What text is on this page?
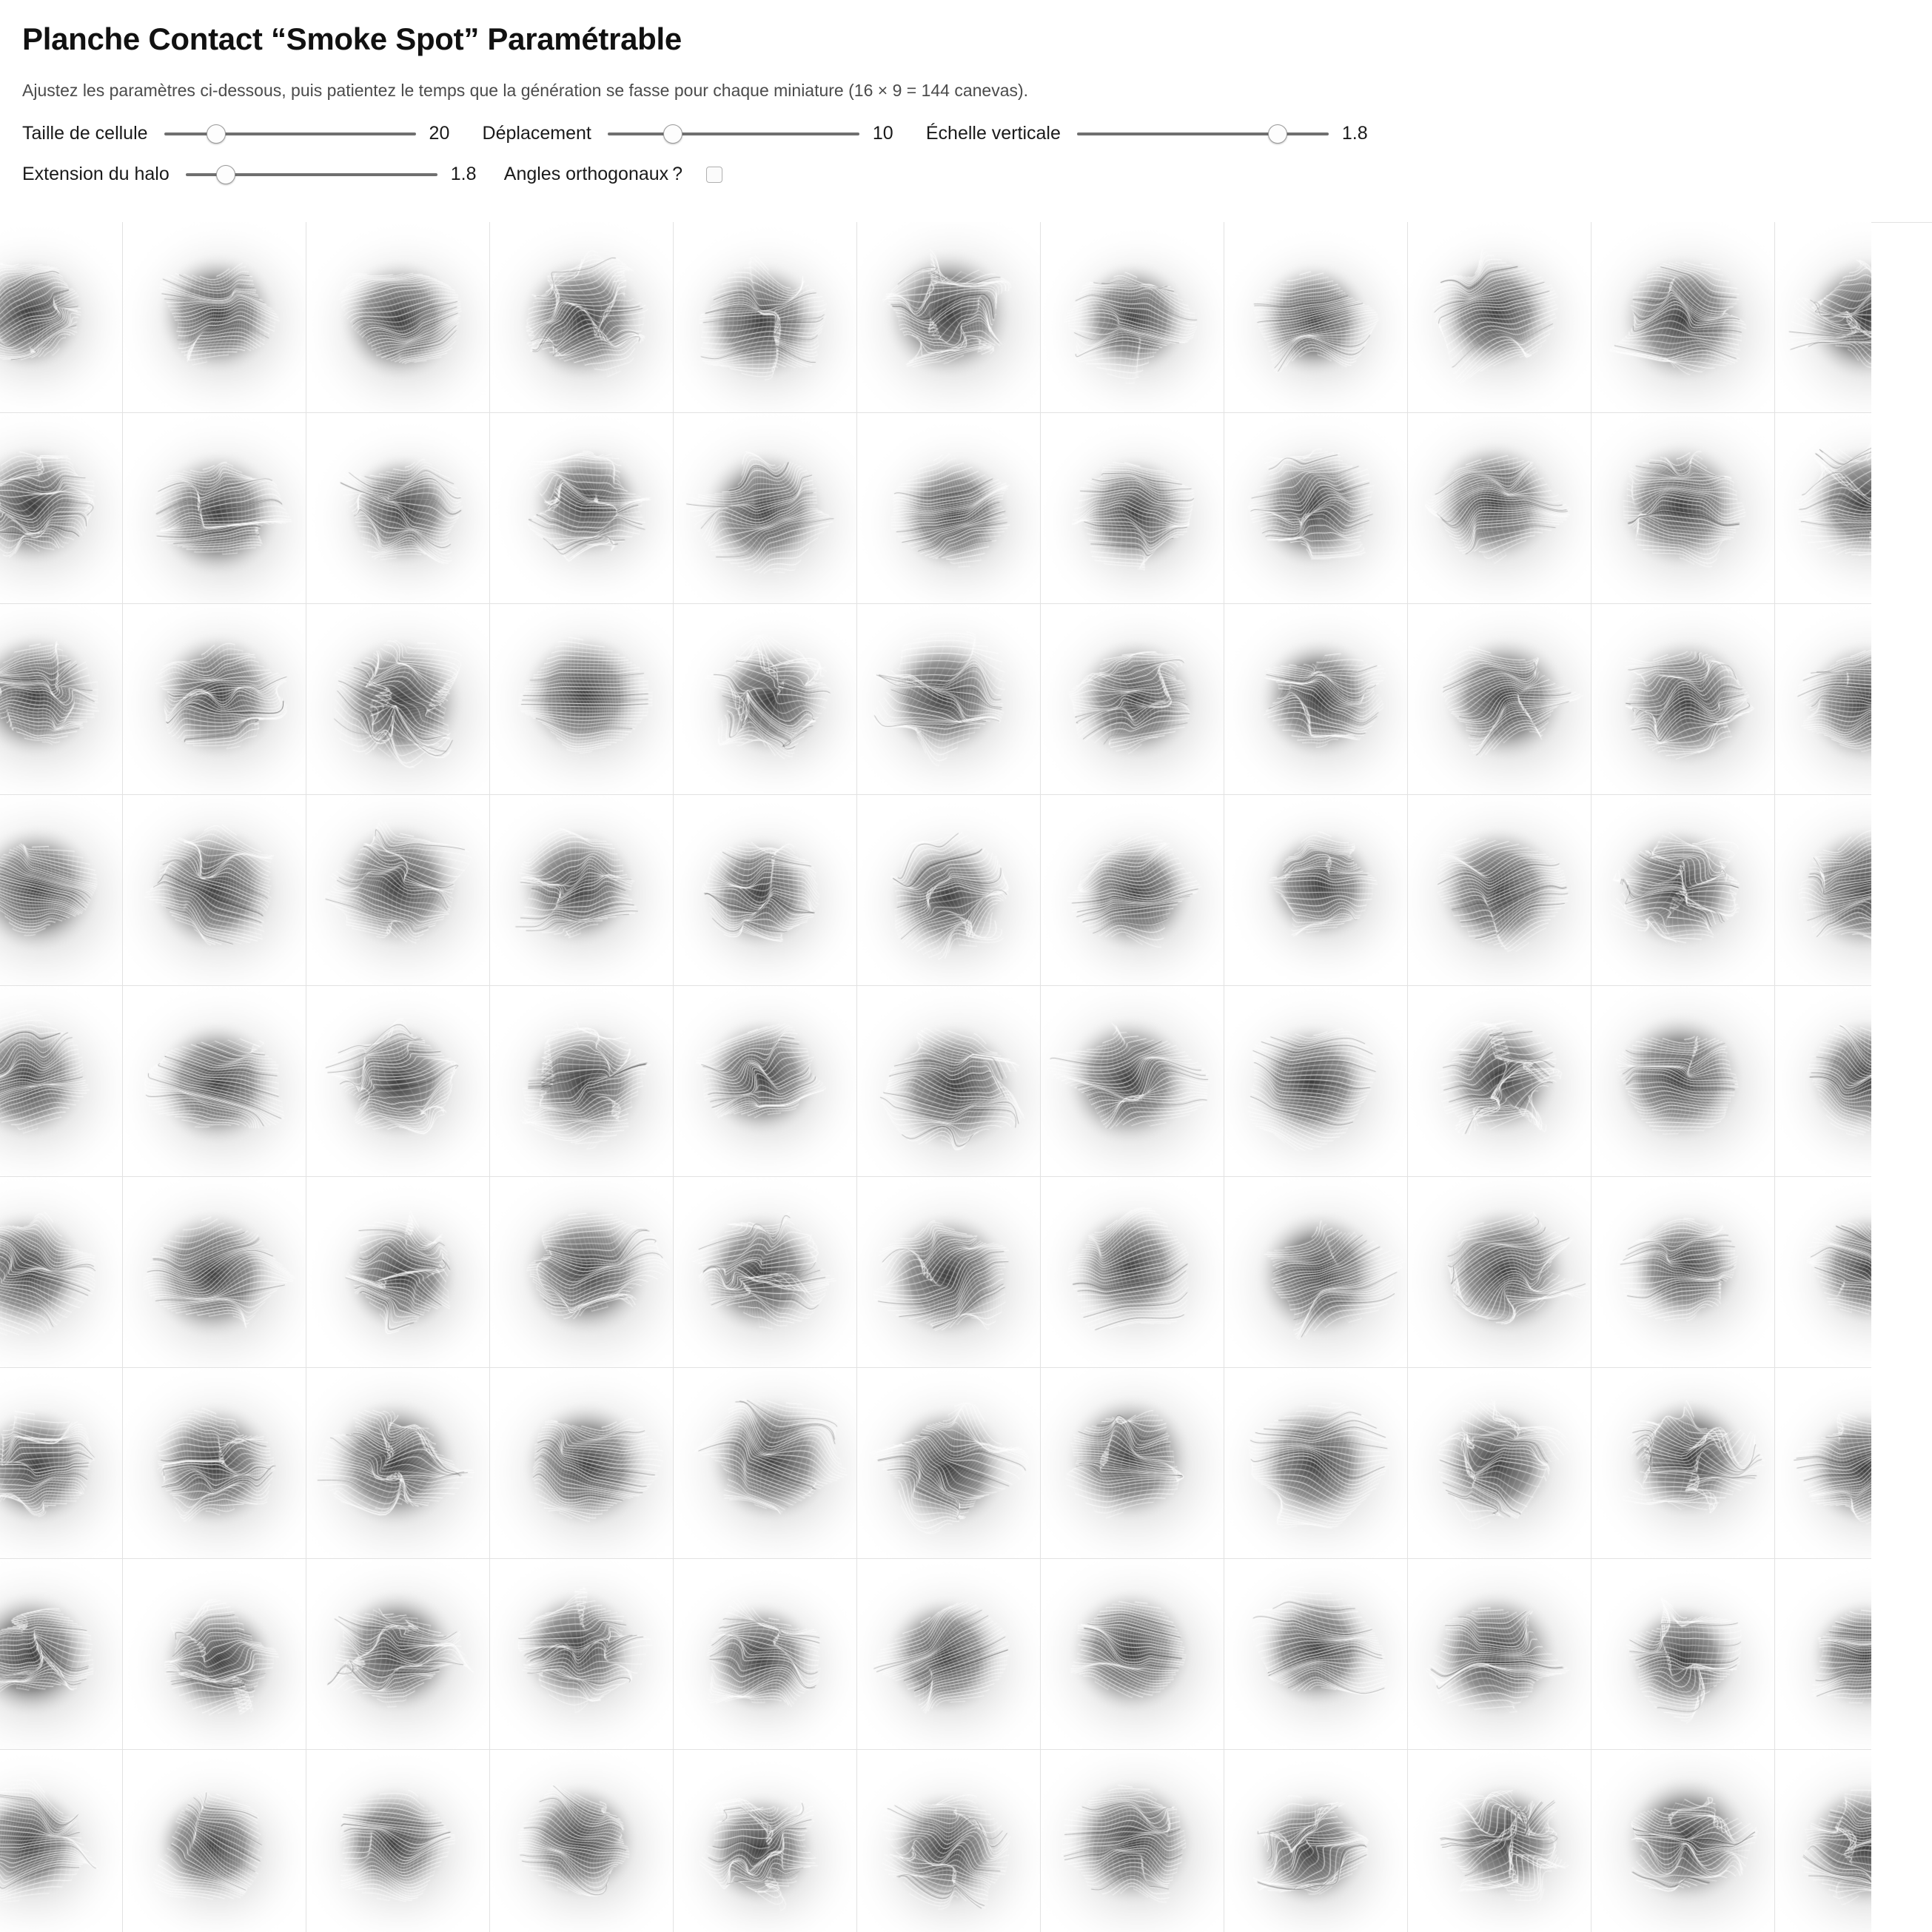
Planche Contact “Smoke Spot” Paramétrable

Ajustez les paramètres ci-dessous, puis patientez le temps que la génération se fasse pour chaque miniature (16 × 9 = 144 canevas).

Taille de cellule	20	Déplacement	10	Échelle verticale	1.8
Extension du halo	1.8	Angles orthogonaux ?
